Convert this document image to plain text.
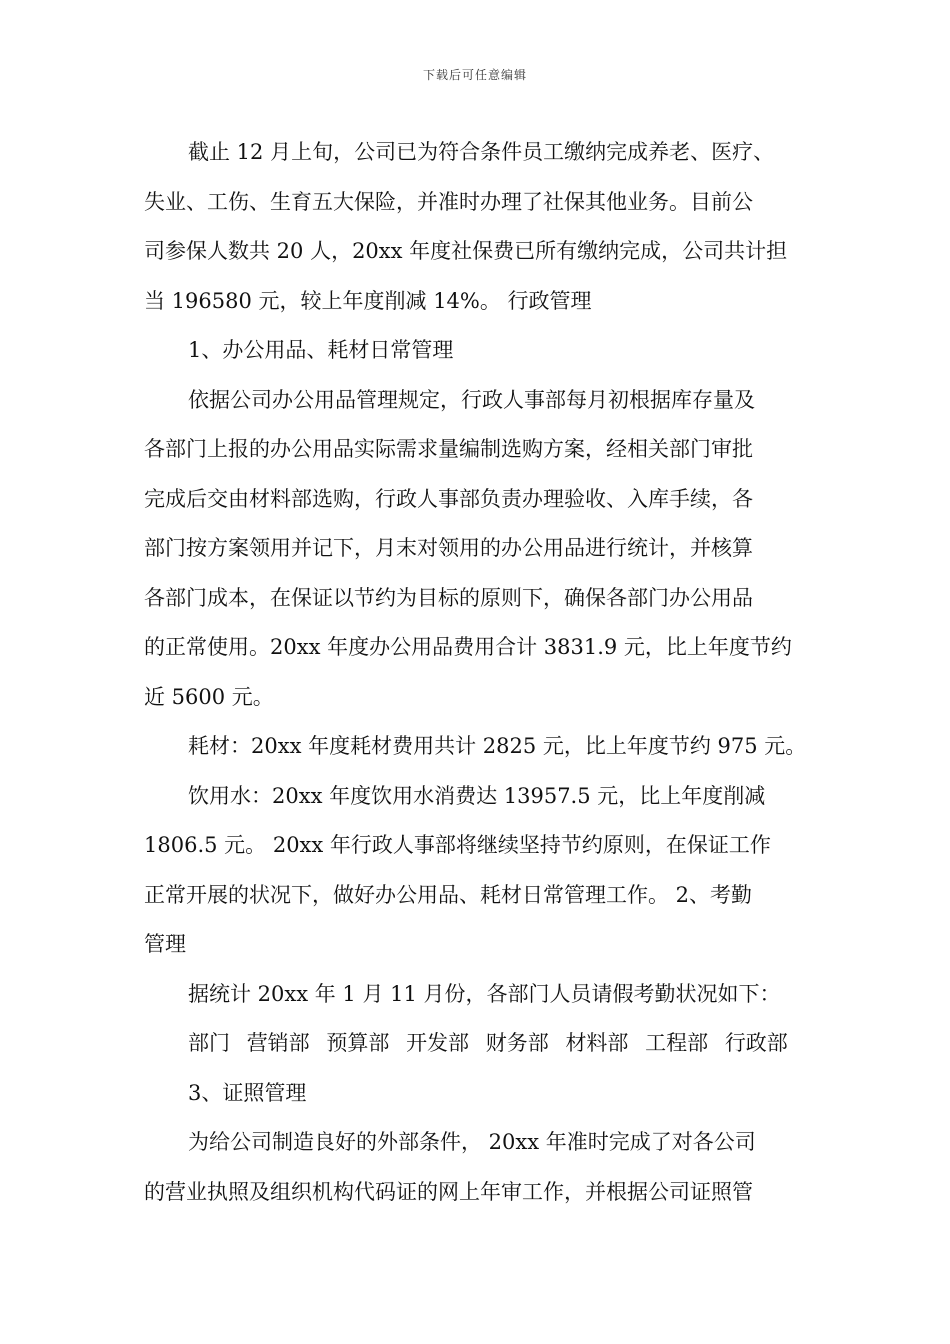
下载后可任意编辑
截止 12 月上旬，公司已为符合条件员工缴纳完成养老、医疗、
失业、工伤、生育五大保险，并准时办理了社保其他业务。目前公
司参保人数共 20 人，20xx 年度社保费已所有缴纳完成，公司共计担
当 196580 元，较上年度削减 14%。 行政管理
1、办公用品、耗材日常管理
依据公司办公用品管理规定，行政人事部每月初根据库存量及
各部门上报的办公用品实际需求量编制选购方案，经相关部门审批
完成后交由材料部选购，行政人事部负责办理验收、入库手续，各
部门按方案领用并记下，月末对领用的办公用品进行统计，并核算
各部门成本，在保证以节约为目标的原则下，确保各部门办公用品
的正常使用。20xx 年度办公用品费用合计 3831.9 元，比上年度节约
近 5600 元。
耗材：20xx 年度耗材费用共计 2825 元，比上年度节约 975 元。
饮用水：20xx 年度饮用水消费达 13957.5 元，比上年度削减
1806.5 元。 20xx 年行政人事部将继续坚持节约原则，在保证工作
正常开展的状况下，做好办公用品、耗材日常管理工作。 2、考勤
管理
据统计 20xx 年 1 月 11 月份，各部门人员请假考勤状况如下：
部门 营销部 预算部 开发部 财务部 材料部 工程部 行政部
3、证照管理
为给公司制造良好的外部条件， 20xx 年准时完成了对各公司
的营业执照及组织机构代码证的网上年审工作，并根据公司证照管
